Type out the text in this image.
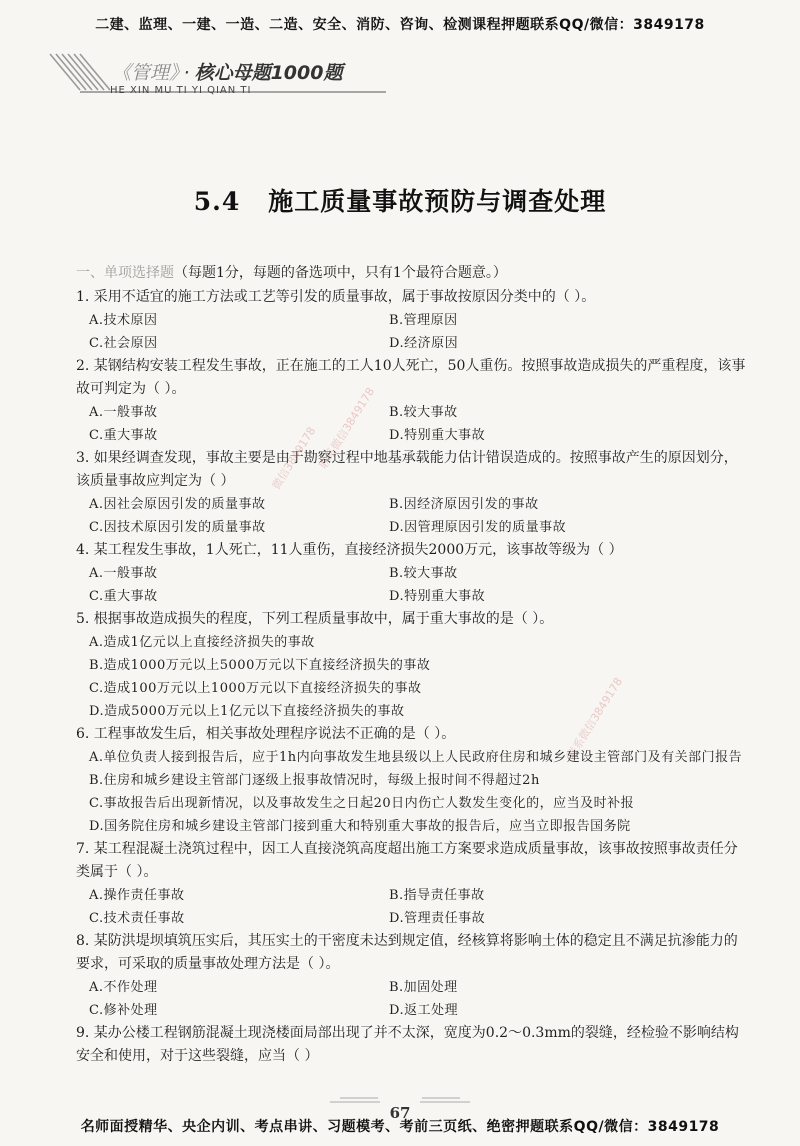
二建、监理、一建、一造、二造、安全、消防、咨询、检测课程押题联系QQ/微信：3849178
《管理》 · 核心母题1000题
HE XIN MU TI YI QIAN TI
5.4 施工质量事故预防与调查处理
一、单项选择题（每题1分，每题的备选项中，只有1个最符合题意。）
1. 采用不适宜的施工方法或工艺等引发的质量事故，属于事故按原因分类中的（ ）。
A.技术原因	B.管理原因
C.社会原因	D.经济原因
2. 某钢结构安装工程发生事故，正在施工的工人10人死亡，50人重伤。按照事故造成损失的严重程度，该事故可判定为（ ）。
A.一般事故	B.较大事故
C.重大事故	D.特别重大事故
3. 如果经调查发现，事故主要是由于勘察过程中地基承载能力估计错误造成的。按照事故产生的原因划分，该质量事故应判定为（ ）
A.因社会原因引发的质量事故	B.因经济原因引发的事故
C.因技术原因引发的质量事故	D.因管理原因引发的质量事故
4. 某工程发生事故，1人死亡，11人重伤，直接经济损失2000万元，该事故等级为（ ）
A.一般事故	B.较大事故
C.重大事故	D.特别重大事故
5. 根据事故造成损失的程度，下列工程质量事故中，属于重大事故的是（ ）。
A.造成1亿元以上直接经济损失的事故
B.造成1000万元以上5000万元以下直接经济损失的事故
C.造成100万元以上1000万元以下直接经济损失的事故
D.造成5000万元以上1亿元以下直接经济损失的事故
6. 工程事故发生后，相关事故处理程序说法不正确的是（ ）。
A.单位负责人接到报告后，应于1h内向事故发生地县级以上人民政府住房和城乡建设主管部门及有关部门报告
B.住房和城乡建设主管部门逐级上报事故情况时，每级上报时间不得超过2h
C.事故报告后出现新情况，以及事故发生之日起20日内伤亡人数发生变化的，应当及时补报
D.国务院住房和城乡建设主管部门接到重大和特别重大事故的报告后，应当立即报告国务院
7. 某工程混凝土浇筑过程中，因工人直接浇筑高度超出施工方案要求造成质量事故，该事故按照事故责任分类属于（ ）。
A.操作责任事故	B.指导责任事故
C.技术责任事故	D.管理责任事故
8. 某防洪堤坝填筑压实后，其压实土的干密度未达到规定值，经核算将影响土体的稳定且不满足抗渗能力的要求，可采取的质量事故处理方法是（ ）。
A.不作处理	B.加固处理
C.修补处理	D.返工处理
9. 某办公楼工程钢筋混凝土现浇楼面局部出现了并不太深，宽度为0.2～0.3mm的裂缝，经检验不影响结构安全和使用，对于这些裂缝，应当（ ）
微信3849178
联系微信3849178
联系微信3849178
67
名师面授精华、央企内训、考点串讲、习题模考、考前三页纸、绝密押题联系QQ/微信：3849178
